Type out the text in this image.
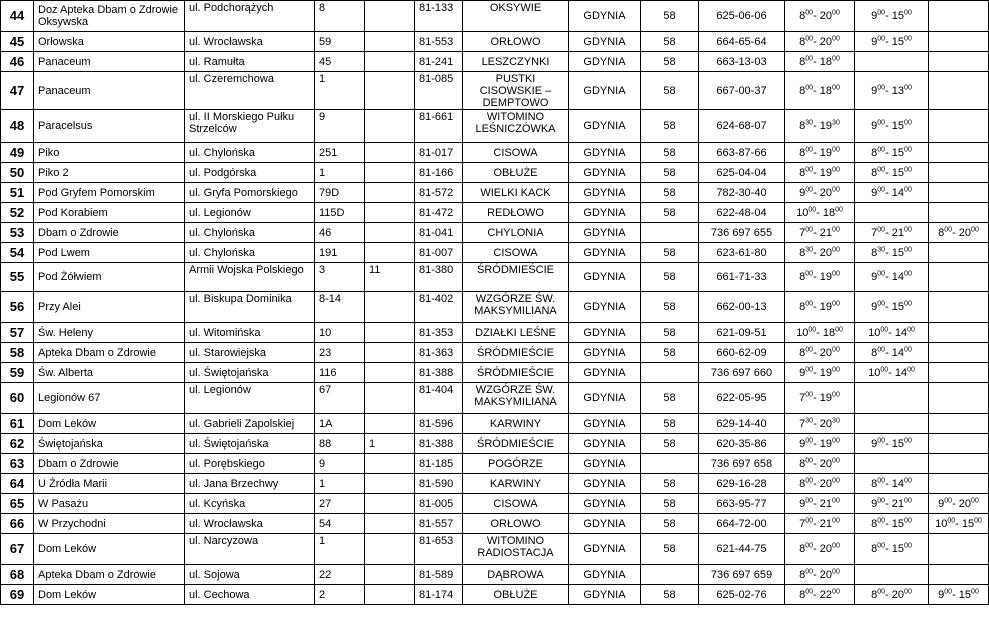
44	Doz Apteka Dbam o Zdrowie Oksywska	ul. Podchorążych	8		81-133	OKSYWIE	GDYNIA	58	625-06-06	$8^{00}-$ $20^{00}$	$9^{00}-$ $15^{00}$	
45	Orłowska	ul. Wrocławska	59		81-553	ORŁOWO	GDYNIA	58	664-65-64	$8^{00}-$ $20^{00}$	$9^{00}-$ $15^{00}$	
46	Panaceum	ul. Ramułta	45		81-241	LESZCZYNKI	GDYNIA	58	663-13-03	$8^{00}-$ $18^{00}$		
47	Panaceum	ul. Czeremchowa	1		81-085	PUSTKI CISOWSKIE – DEMPTOWO	GDYNIA	58	667-00-37	$8^{00}-$ $18^{00}$	$9^{00}-$ $13^{00}$	
48	Paracelsus	ul. II Morskiego Pułku Strzelców	9		81-661	WITOMINO LEŚNICZÓWKA	GDYNIA	58	624-68-07	$8^{30}-$ $19^{30}$	$9^{00}-$ $15^{00}$	
49	Piko	ul. Chylońska	251		81-017	CISOWA	GDYNIA	58	663-87-66	$8^{00}-$ $19^{00}$	$8^{00}-$ $15^{00}$	
50	Piko 2	ul. Podgórska	1		81-166	OBŁUŻE	GDYNIA	58	625-04-04	$8^{00}-$ $19^{00}$	$8^{00}-$ $15^{00}$	
51	Pod Gryfem Pomorskim	ul. Gryfa Pomorskiego	79D		81-572	WIELKI KACK	GDYNIA	58	782-30-40	$9^{00}-$ $20^{00}$	$9^{00}-$ $14^{00}$	
52	Pod Korabiem	ul. Legionów	115D		81-472	REDŁOWO	GDYNIA	58	622-48-04	$10^{00}-$ $18^{00}$		
53	Dbam o Zdrowie	ul. Chylońska	46		81-041	CHYLONIA	GDYNIA		736 697 655	$7^{00}-$ $21^{00}$	$7^{00}-$ $21^{00}$	$8^{00}-$ $20^{00}$
54	Pod Lwem	ul. Chylońska	191		81-007	CISOWA	GDYNIA	58	623-61-80	$8^{30}-$ $20^{00}$	$8^{30}-$ $15^{00}$	
55	Pod Żółwiem	Armii Wojska Polskiego	3	11	81-380	ŚRÓDMIEŚCIE	GDYNIA	58	661-71-33	$8^{00}-$ $19^{00}$	$9^{00}-$ $14^{00}$	
56	Przy Alei	ul. Biskupa Dominika	8-14		81-402	WZGÓRZE ŚW. MAKSYMILIANA	GDYNIA	58	662-00-13	$8^{00}-$ $19^{00}$	$9^{00}-$ $15^{00}$	
57	Św. Heleny	ul. Witomińska	10		81-353	DZIAŁKI LEŚNE	GDYNIA	58	621-09-51	$10^{00}-$ $18^{00}$	$10^{00}-$ $14^{00}$	
58	Apteka Dbam o Zdrowie	ul. Starowiejska	23		81-363	ŚRÓDMIEŚCIE	GDYNIA	58	660-62-09	$8^{00}-$ $20^{00}$	$8^{00}-$ $14^{00}$	
59	Św. Alberta	ul. Świętojańska	116		81-388	ŚRÓDMIEŚCIE	GDYNIA		736 697 660	$9^{00}-$ $19^{00}$	$10^{00}-$ $14^{00}$	
60	Legionów 67	ul. Legionów	67		81-404	WZGÓRZE ŚW. MAKSYMILIANA	GDYNIA	58	622-05-95	$7^{00}-$ $19^{00}$		
61	Dom Leków	ul. Gabrieli Zapolskiej	1A		81-596	KARWINY	GDYNIA	58	629-14-40	$7^{30}-$ $20^{30}$		
62	Świętojańska	ul. Świętojańska	88	1	81-388	ŚRÓDMIEŚCIE	GDYNIA	58	620-35-86	$9^{00}-$ $19^{00}$	$9^{00}-$ $15^{00}$	
63	Dbam o Zdrowie	ul. Porębskiego	9		81-185	POGÓRZE	GDYNIA		736 697 658	$8^{00}-$ $20^{00}$		
64	U Źródła Marii	ul. Jana Brzechwy	1		81-590	KARWINY	GDYNIA	58	629-16-28	$8^{00}-$ $20^{00}$	$8^{00}-$ $14^{00}$	
65	W Pasażu	ul. Kcyńska	27		81-005	CISOWA	GDYNIA	58	663-95-77	$9^{00}-$ $21^{00}$	$9^{00}-$ $21^{00}$	$9^{00}-$ $20^{00}$
66	W Przychodni	ul. Wrocławska	54		81-557	ORŁOWO	GDYNIA	58	664-72-00	$7^{00}-$ $21^{00}$	$8^{00}-$ $15^{00}$	$10^{00}-$ $15^{00}$
67	Dom Leków	ul. Narcyzowa	1		81-653	WITOMINO RADIOSTACJA	GDYNIA	58	621-44-75	$8^{00}-$ $20^{00}$	$8^{00}-$ $15^{00}$	
68	Apteka Dbam o Zdrowie	ul. Sojowa	22		81-589	DĄBROWA	GDYNIA		736 697 659	$8^{00}-$ $20^{00}$		
69	Dom Leków	ul. Cechowa	2		81-174	OBŁUŻE	GDYNIA	58	625-02-76	$8^{00}-$ $22^{00}$	$8^{00}-$ $20^{00}$	$9^{00}-$ $15^{00}$
